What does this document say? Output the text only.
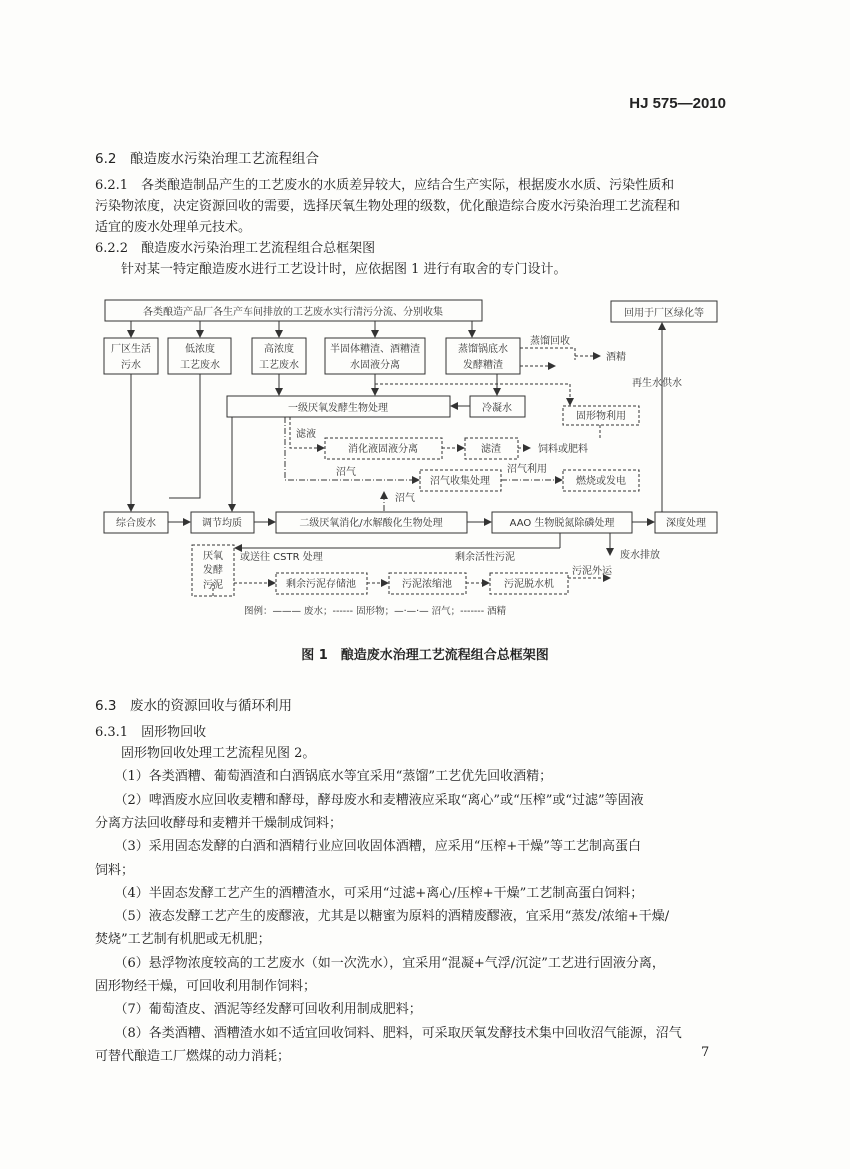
HJ 575—2010
6.2　酿造废水污染治理工艺流程组合
6.2.1　各类酿造制品产生的工艺废水的水质差异较大，应结合生产实际，根据废水水质、污染性质和
污染物浓度，决定资源回收的需要，选择厌氧生物处理的级数，优化酿造综合废水污染治理工艺流程和
适宜的废水处理单元技术。
6.2.2　酿造废水污染治理工艺流程组合总框架图
针对某一特定酿造废水进行工艺设计时，应依据图 1 进行有取舍的专门设计。
各类酿造产品厂各生产车间排放的工艺废水实行清污分流、分别收集
厂区生活
污水
低浓度
工艺废水
高浓度
工艺废水
半固体糟渣、酒糟渣
水固液分离
蒸馏锅底水
发酵糟渣
蒸馏回收
酒精
回用于厂区绿化等
再生水供水
一级厌氧发酵生物处理	冷凝水
固形物利用
滤液
消化液固液分离	滤渣	饲料或肥料
沼气	沼气利用
沼气收集处理	燃烧或发电
沼气
综合废水	调节均质	二级厌氧消化/水解酸化生物处理	AAO 生物脱氮除磷处理	深度处理
或送往 CSTR 处理	剩余活性污泥	废水排放
厌氧
发酵
污泥	剩余污泥存储池	污泥浓缩池	污泥脱水机
污泥外运
图例：——— 废水；------ 固形物；—·—·— 沼气；------- 酒精
图 1　酿造废水治理工艺流程组合总框架图
6.3　废水的资源回收与循环利用
6.3.1　固形物回收
　　固形物回收处理工艺流程见图 2。
　　（1）各类酒糟、葡萄酒渣和白酒锅底水等宜采用“蒸馏”工艺优先回收酒精；
　　（2）啤酒废水应回收麦糟和酵母，酵母废水和麦糟液应采取“离心”或“压榨”或“过滤”等固液
分离方法回收酵母和麦糟并干燥制成饲料；
　　（3）采用固态发酵的白酒和酒精行业应回收固体酒糟，应采用“压榨+干燥”等工艺制高蛋白
饲料；
　　（4）半固态发酵工艺产生的酒糟渣水，可采用“过滤+离心/压榨+干燥”工艺制高蛋白饲料；
　　（5）液态发酵工艺产生的废醪液，尤其是以糖蜜为原料的酒精废醪液，宜采用“蒸发/浓缩+干燥/
焚烧”工艺制有机肥或无机肥；
　　（6）悬浮物浓度较高的工艺废水（如一次洗水），宜采用“混凝+气浮/沉淀”工艺进行固液分离，
固形物经干燥，可回收利用制作饲料；
　　（7）葡萄渣皮、酒泥等经发酵可回收利用制成肥料；
　　（8）各类酒糟、酒糟渣水如不适宜回收饲料、肥料，可采取厌氧发酵技术集中回收沼气能源，沼气
可替代酿造工厂燃煤的动力消耗；	7
